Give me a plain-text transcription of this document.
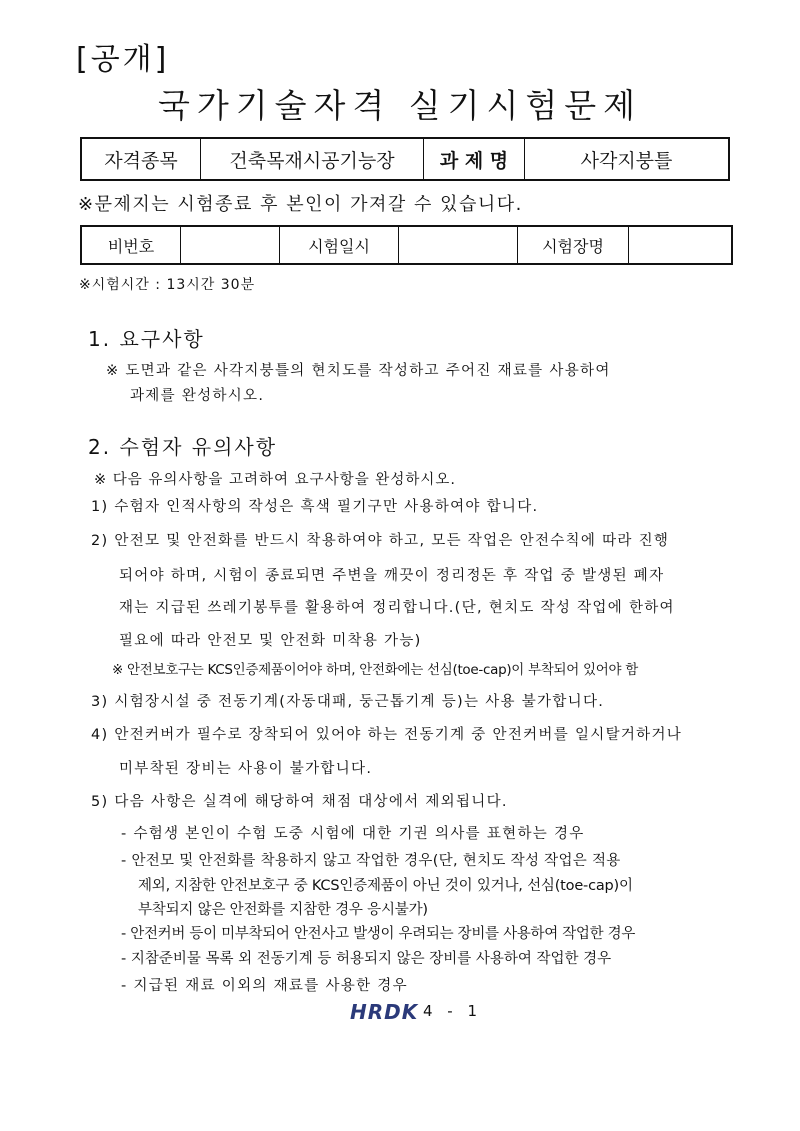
[공개]
국가기술자격 실기시험문제
자격종목	건축목재시공기능장	과 제 명	사각지붕틀
※문제지는 시험종료 후 본인이 가져갈 수 있습니다.
비번호		시험일시		시험장명	
※시험시간 : 13시간 30분
1. 요구사항
※ 도면과 같은 사각지붕틀의 현치도를 작성하고 주어진 재료를 사용하여
과제를 완성하시오.
2. 수험자 유의사항
※ 다음 유의사항을 고려하여 요구사항을 완성하시오.
1) 수험자 인적사항의 작성은 흑색 필기구만 사용하여야 합니다.
2) 안전모 및 안전화를 반드시 착용하여야 하고, 모든 작업은 안전수칙에 따라 진행
되어야 하며, 시험이 종료되면 주변을 깨끗이 정리정돈 후 작업 중 발생된 폐자
재는 지급된 쓰레기봉투를 활용하여 정리합니다.(단, 현치도 작성 작업에 한하여
필요에 따라 안전모 및 안전화 미착용 가능)
※ 안전보호구는 KCS인증제품이어야 하며, 안전화에는 선심(toe-cap)이 부착되어 있어야 함
3) 시험장시설 중 전동기계(자동대패, 둥근톱기계 등)는 사용 불가합니다.
4) 안전커버가 필수로 장착되어 있어야 하는 전동기계 중 안전커버를 일시탈거하거나
미부착된 장비는 사용이 불가합니다.
5) 다음 사항은 실격에 해당하여 채점 대상에서 제외됩니다.
- 수험생 본인이 수험 도중 시험에 대한 기권 의사를 표현하는 경우
- 안전모 및 안전화를 착용하지 않고 작업한 경우(단, 현치도 작성 작업은 적용
제외, 지참한 안전보호구 중 KCS인증제품이 아닌 것이 있거나, 선심(toe-cap)이
부착되지 않은 안전화를 지참한 경우 응시불가)
- 안전커버 등이 미부착되어 안전사고 발생이 우려되는 장비를 사용하여 작업한 경우
- 지참준비물 목록 외 전동기계 등 허용되지 않은 장비를 사용하여 작업한 경우
- 지급된 재료 이외의 재료를 사용한 경우
HRDK 4 - 1
